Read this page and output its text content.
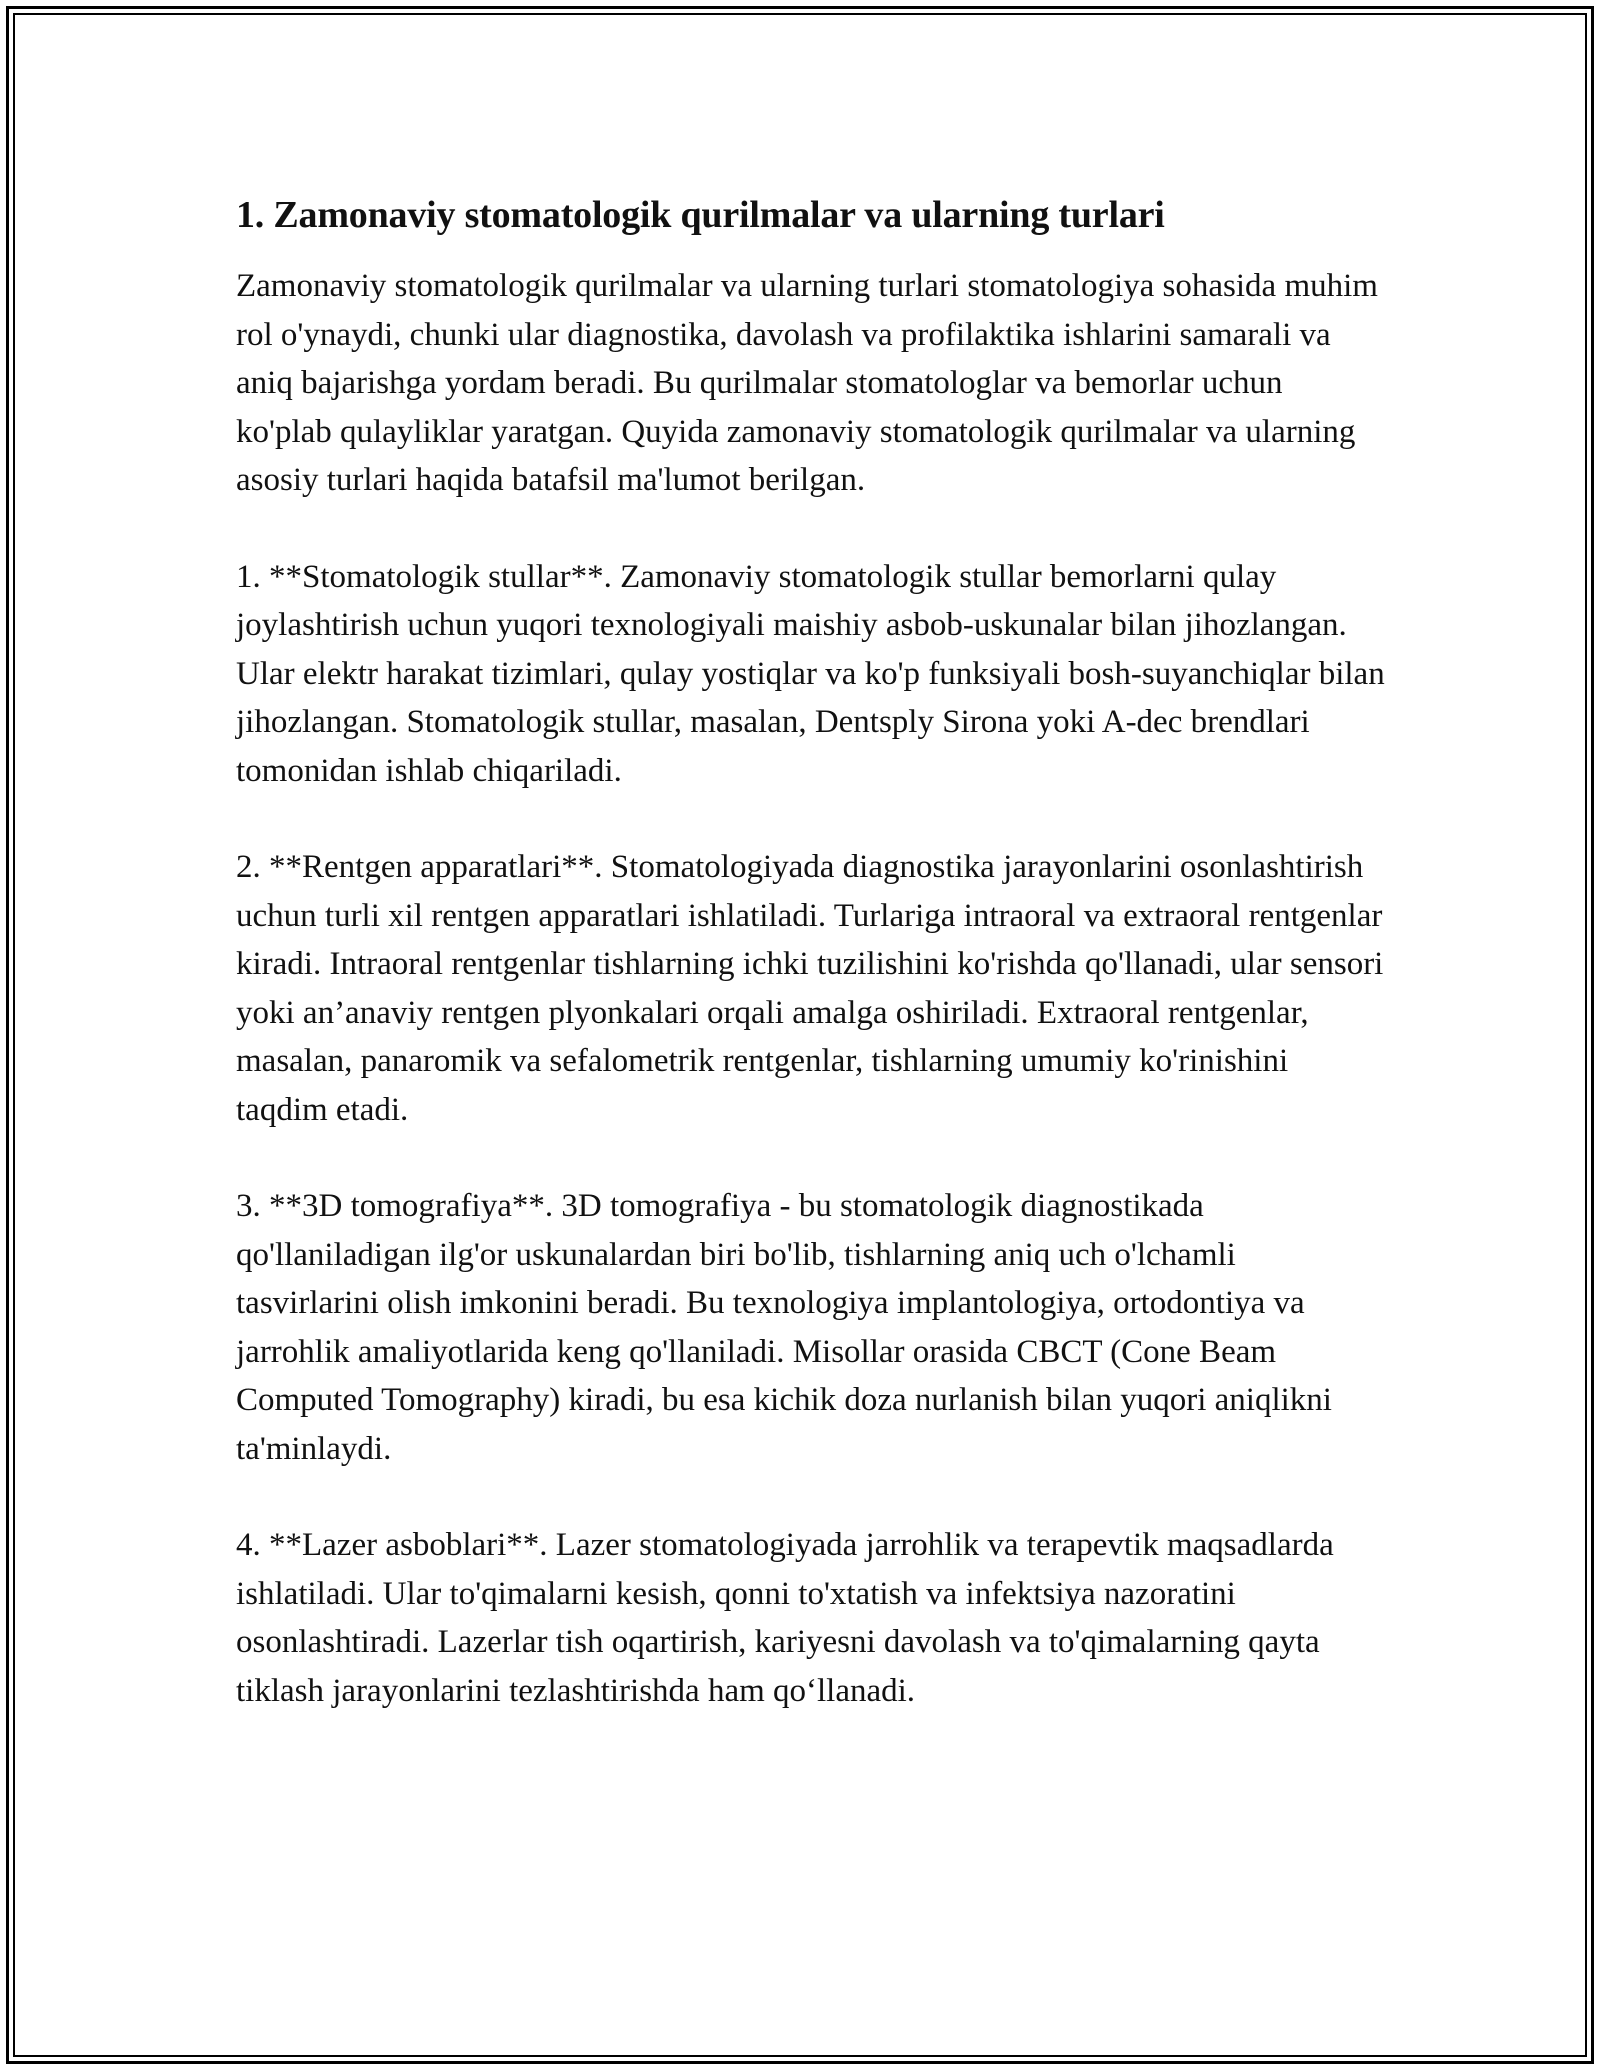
1. Zamonaviy stomatologik qurilmalar va ularning turlari

Zamonaviy stomatologik qurilmalar va ularning turlari stomatologiya sohasida muhim rol o'ynaydi, chunki ular diagnostika, davolash va profilaktika ishlarini samarali va aniq bajarishga yordam beradi. Bu qurilmalar stomatologlar va bemorlar uchun ko'plab qulayliklar yaratgan. Quyida zamonaviy stomatologik qurilmalar va ularning asosiy turlari haqida batafsil ma'lumot berilgan.

1. **Stomatologik stullar**. Zamonaviy stomatologik stullar bemorlarni qulay joylashtirish uchun yuqori texnologiyali maishiy asbob-uskunalar bilan jihozlangan. Ular elektr harakat tizimlari, qulay yostiqlar va ko'p funksiyali bosh-suyanchiqlar bilan jihozlangan. Stomatologik stullar, masalan, Dentsply Sirona yoki A-dec brendlari tomonidan ishlab chiqariladi.

2. **Rentgen apparatlari**. Stomatologiyada diagnostika jarayonlarini osonlashtirish uchun turli xil rentgen apparatlari ishlatiladi. Turlariga intraoral va extraoral rentgenlar kiradi. Intraoral rentgenlar tishlarning ichki tuzilishini ko'rishda qo'llanadi, ular sensori yoki an’anaviy rentgen plyonkalari orqali amalga oshiriladi. Extraoral rentgenlar, masalan, panaromik va sefalometrik rentgenlar, tishlarning umumiy ko'rinishini taqdim etadi.

3. **3D tomografiya**. 3D tomografiya - bu stomatologik diagnostikada qo'llaniladigan ilg'or uskunalardan biri bo'lib, tishlarning aniq uch o'lchamli tasvirlarini olish imkonini beradi. Bu texnologiya implantologiya, ortodontiya va jarrohlik amaliyotlarida keng qo'llaniladi. Misollar orasida CBCT (Cone Beam Computed Tomography) kiradi, bu esa kichik doza nurlanish bilan yuqori aniqlikni ta'minlaydi.

4. **Lazer asboblari**. Lazer stomatologiyada jarrohlik va terapevtik maqsadlarda ishlatiladi. Ular to'qimalarni kesish, qonni to'xtatish va infektsiya nazoratini osonlashtiradi. Lazerlar tish oqartirish, kariyesni davolash va to'qimalarning qayta tiklash jarayonlarini tezlashtirishda ham qo‘llanadi.
